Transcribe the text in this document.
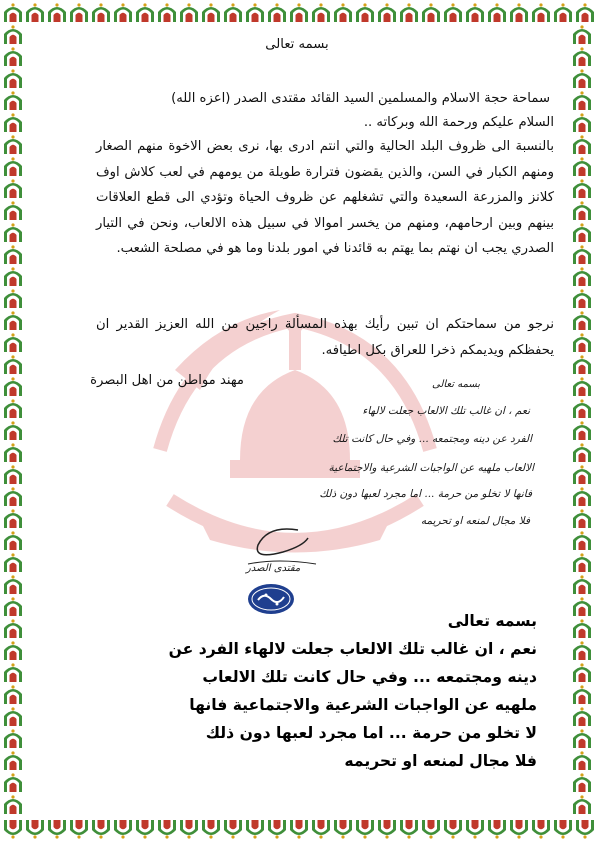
بسمه تعالى
سماحة حجة الاسلام والمسلمين السيد القائد مقتدى الصدر (اعزه الله)
السلام عليكم ورحمة الله وبركاته ..
بالنسبة الى ظروف البلد الحالية والتي انتم ادرى بها، نرى بعض الاخوة منهم الصغار ومنهم الكبار في السن، والذين يقضون فترارة طويلة من يومهم في لعب كلاش اوف كلانز والمزرعة السعيدة والتي تشغلهم عن ظروف الحياة وتؤدي الى قطع العلاقات بينهم وبين ارحامهم، ومنهم من يخسر اموالا في سبيل هذه الالعاب، ونحن في التيار الصدري يجب ان نهتم بما يهتم به قائدنا في امور بلدنا وما هو في مصلحة الشعب.
نرجو من سماحتكم ان تبين رأيك بهذه المسألة راجين من الله العزيز القدير ان يحفظكم ويديمكم ذخرا للعراق بكل اطيافه.
مهند مواطن من اهل البصرة	بسمه تعالى
نعم ، ان غالب تلك الالعاب جعلت لالهاء
الفرد عن دينه ومجتمعه ... وفي حال كانت تلك
الالعاب ملهيه عن الواجبات الشرعية والاجتماعية
فانها لا تخلو من حرمة ... اما مجرد لعبها دون ذلك
فلا مجال لمنعه او تحريمه
مقتدى الصدر
بسمه تعالى
نعم ، ان غالب تلك الالعاب جعلت لالهاء الفرد عن
دينه ومجتمعه ... وفي حال كانت تلك الالعاب
ملهيه عن الواجبات الشرعية والاجتماعية فانها
لا تخلو من حرمة ... اما مجرد لعبها دون ذلك
فلا مجال لمنعه او تحريمه
